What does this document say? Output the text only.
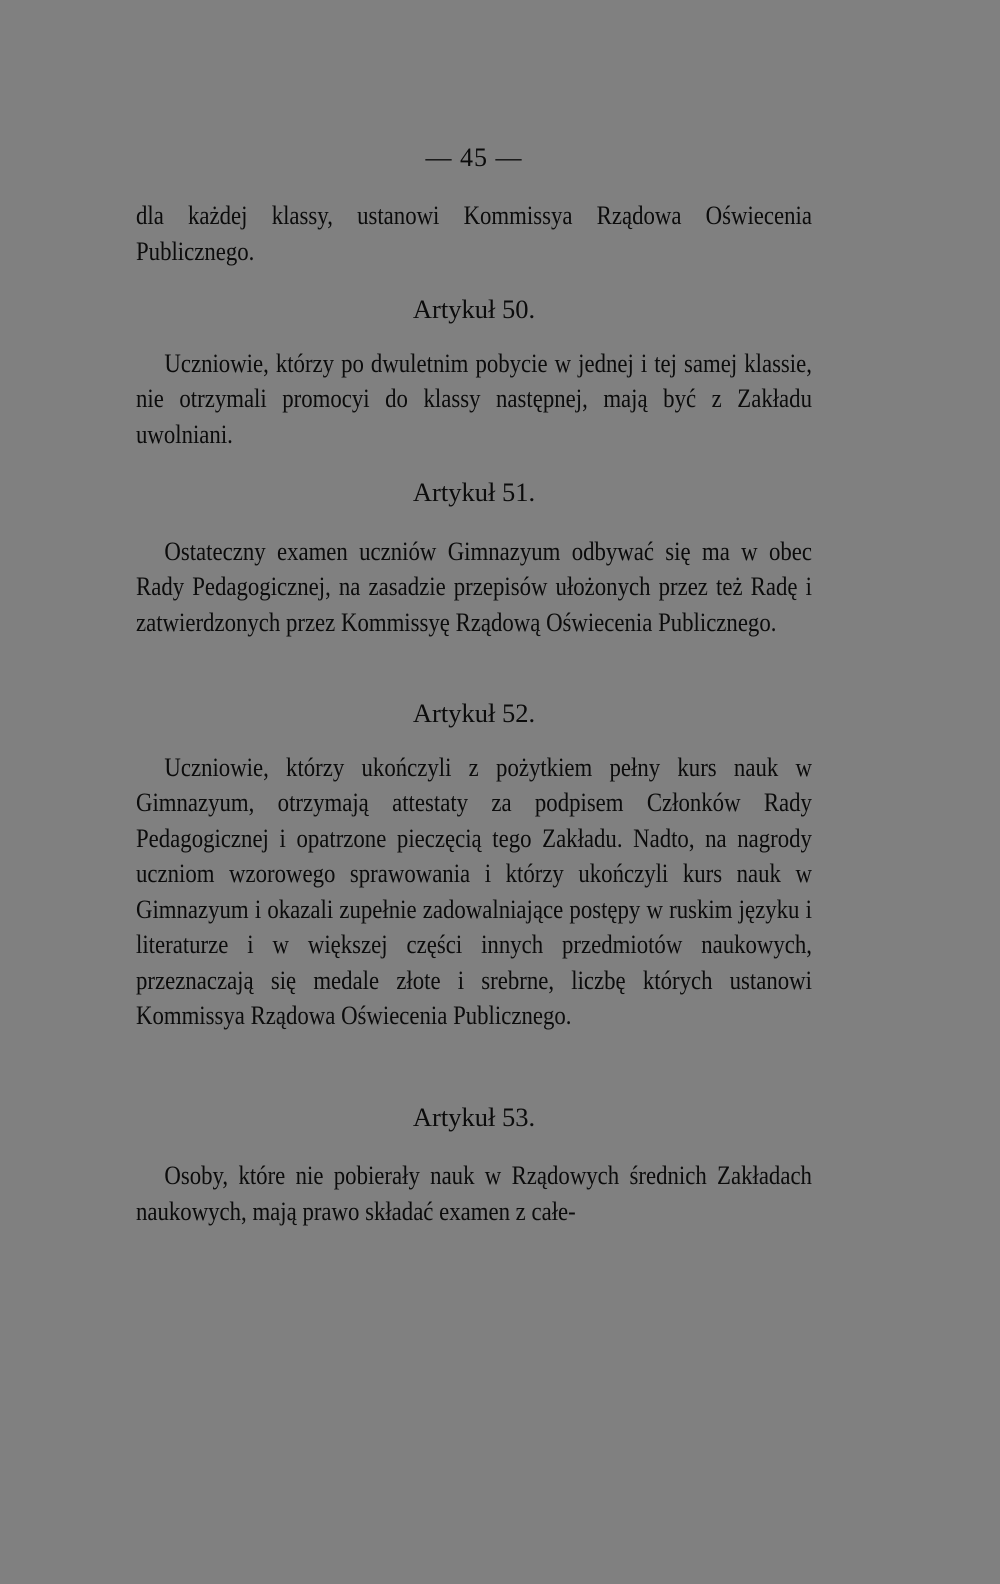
— 45 —

dla każdej klassy, ustanowi Kommissya Rządowa Oświecenia Publicznego.

Artykuł 50.

Uczniowie, którzy po dwuletnim pobycie w jednej i tej samej klassie, nie otrzymali promocyi do klassy następnej, mają być z Zakładu uwolniani.

Artykuł 51.

Ostateczny examen uczniów Gimnazyum odbywać się ma w obec Rady Pedagogicznej, na zasadzie przepisów ułożonych przez też Radę i zatwierdzonych przez Kommissyę Rządową Oświecenia Publicznego.

Artykuł 52.

Uczniowie, którzy ukończyli z pożytkiem pełny kurs nauk w Gimnazyum, otrzymają attestaty za podpisem Członków Rady Pedagogicznej i opatrzone pieczęcią tego Zakładu. Nadto, na nagrody uczniom wzorowego sprawowania i którzy ukończyli kurs nauk w Gimnazyum i okazali zupełnie zadowalniające postępy w ruskim języku i literaturze i w większej części innych przedmiotów naukowych, przeznaczają się medale złote i srebrne, liczbę których ustanowi Kommissya Rządowa Oświecenia Publicznego.

Artykuł 53.

Osoby, które nie pobierały nauk w Rządowych średnich Zakładach naukowych, mają prawo składać examen z całe-
